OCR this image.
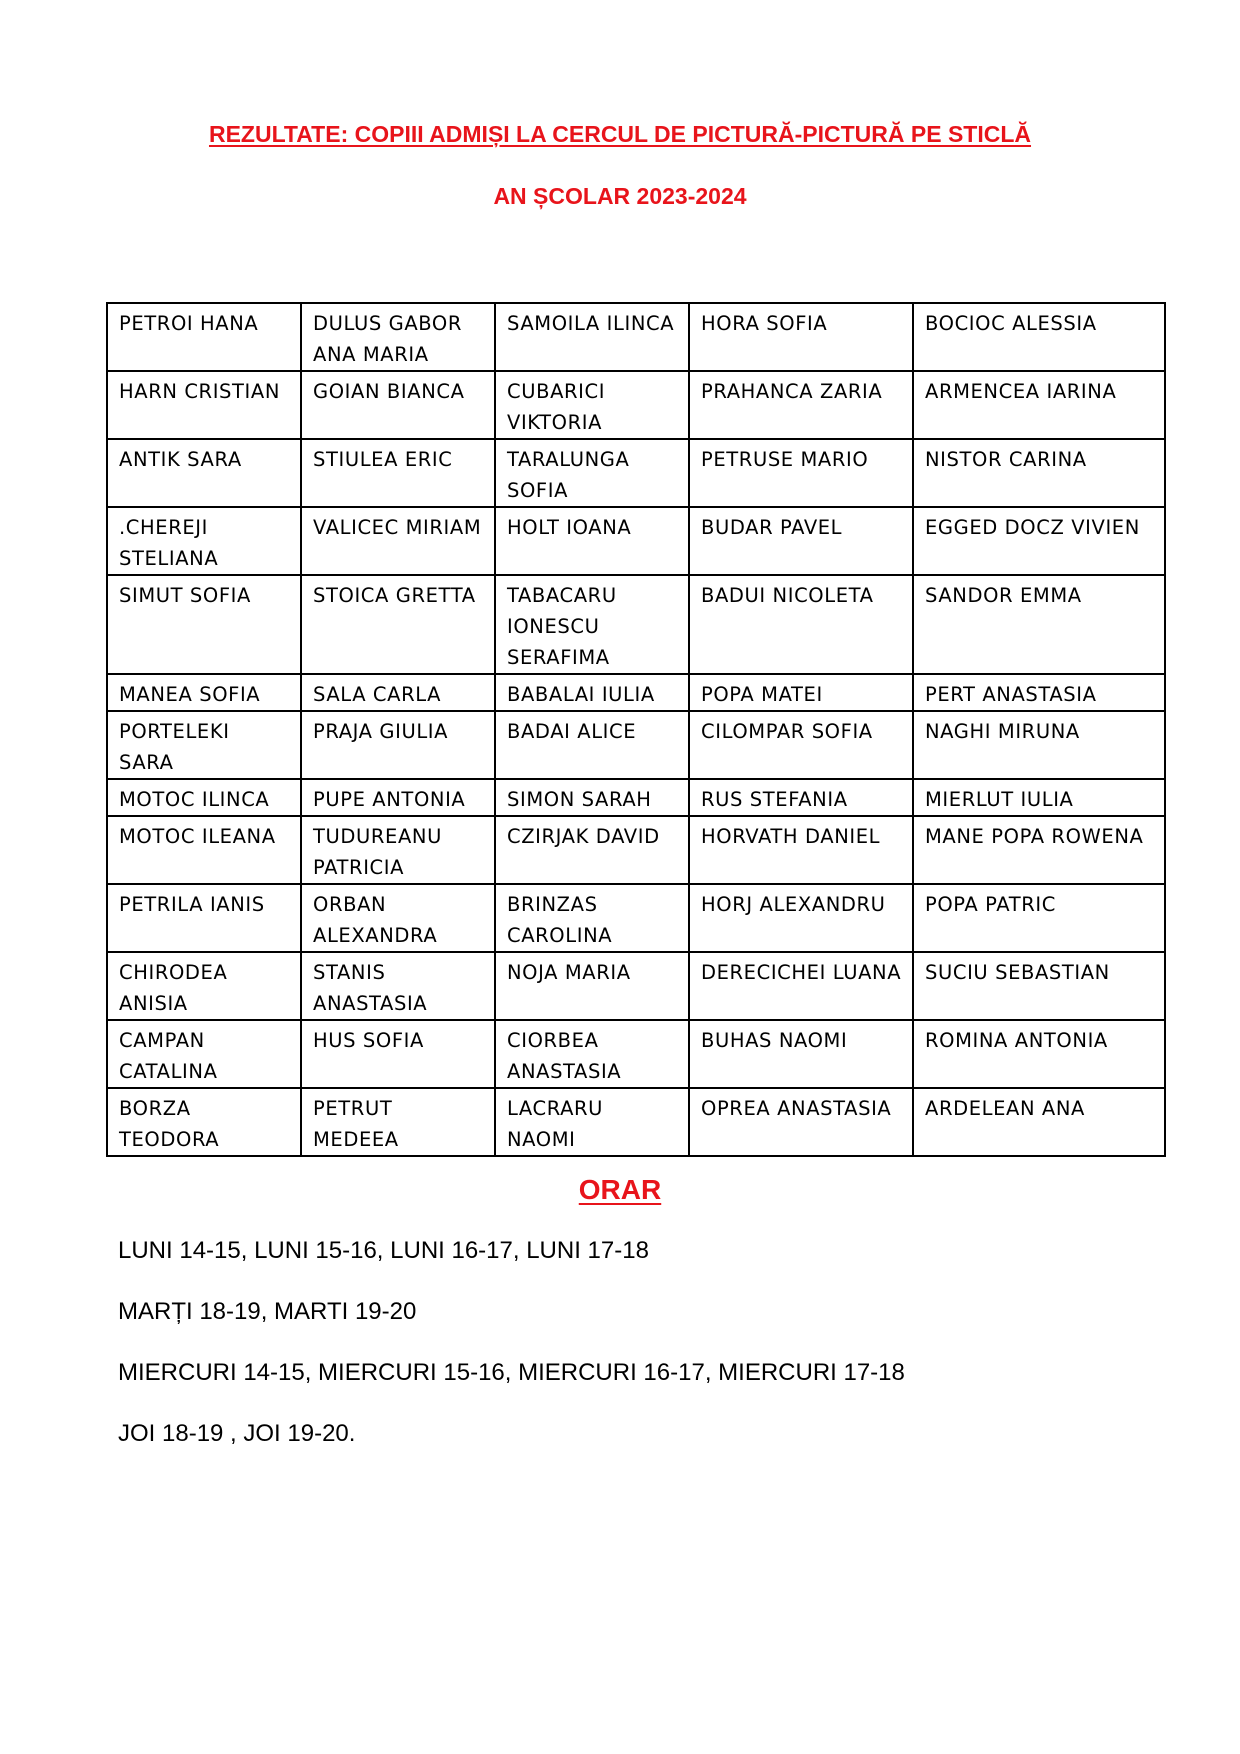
REZULTATE: COPIII ADMIȘI LA CERCUL DE PICTURĂ-PICTURĂ PE STICLĂ
AN ȘCOLAR 2023-2024
PETROI HANA	DULUS GABOR ANA MARIA	SAMOILA ILINCA	HORA SOFIA	BOCIOC ALESSIA
HARN CRISTIAN	GOIAN BIANCA	CUBARICI VIKTORIA	PRAHANCA ZARIA	ARMENCEA IARINA
ANTIK SARA	STIULEA ERIC	TARALUNGA SOFIA	PETRUSE MARIO	NISTOR CARINA
.CHEREJI STELIANA	VALICEC MIRIAM	HOLT IOANA	BUDAR PAVEL	EGGED DOCZ VIVIEN
SIMUT SOFIA	STOICA GRETTA	TABACARU IONESCU SERAFIMA	BADUI NICOLETA	SANDOR EMMA
MANEA SOFIA	SALA CARLA	BABALAI IULIA	POPA MATEI	PERT ANASTASIA
PORTELEKI SARA	PRAJA GIULIA	BADAI ALICE	CILOMPAR SOFIA	NAGHI MIRUNA
MOTOC ILINCA	PUPE ANTONIA	SIMON SARAH	RUS STEFANIA	MIERLUT IULIA
MOTOC ILEANA	TUDUREANU PATRICIA	CZIRJAK DAVID	HORVATH DANIEL	MANE POPA ROWENA
PETRILA IANIS	ORBAN ALEXANDRA	BRINZAS CAROLINA	HORJ ALEXANDRU	POPA PATRIC
CHIRODEA ANISIA	STANIS ANASTASIA	NOJA MARIA	DERECICHEI LUANA	SUCIU SEBASTIAN
CAMPAN CATALINA	HUS SOFIA	CIORBEA ANASTASIA	BUHAS NAOMI	ROMINA ANTONIA
BORZA TEODORA	PETRUT MEDEEA	LACRARU NAOMI	OPREA ANASTASIA	ARDELEAN ANA
ORAR
LUNI 14-15, LUNI 15-16, LUNI 16-17, LUNI 17-18
MARȚI 18-19, MARTI 19-20
MIERCURI 14-15, MIERCURI 15-16, MIERCURI 16-17, MIERCURI 17-18
JOI 18-19 , JOI 19-20.
